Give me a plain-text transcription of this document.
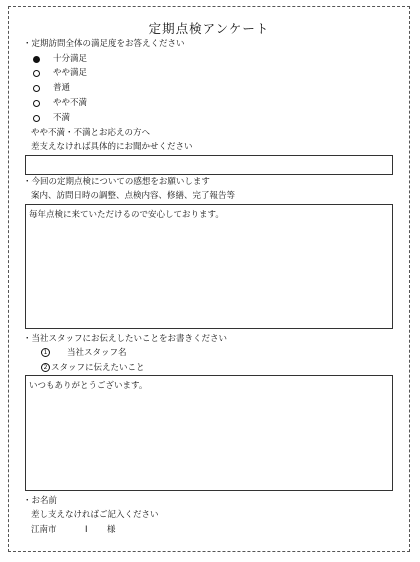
定期点検アンケート
・定期訪問全体の満足度をお答えください
十分満足
やや満足
普通
やや不満
不満
やや不満・不満とお応えの方へ
差支えなければ具体的にお聞かせください
・今回の定期点検についての感想をお願いします
案内、訪問日時の調整、点検内容、修繕、完了報告等
毎年点検に来ていただけるので安心しております。
・当社スタッフにお伝えしたいことをお書きください
1	当社スタッフ名
2 スタッフに伝えたいこと
いつもありがとうございます。
・お名前
差し支えなければご記入ください
江南市	I 様
